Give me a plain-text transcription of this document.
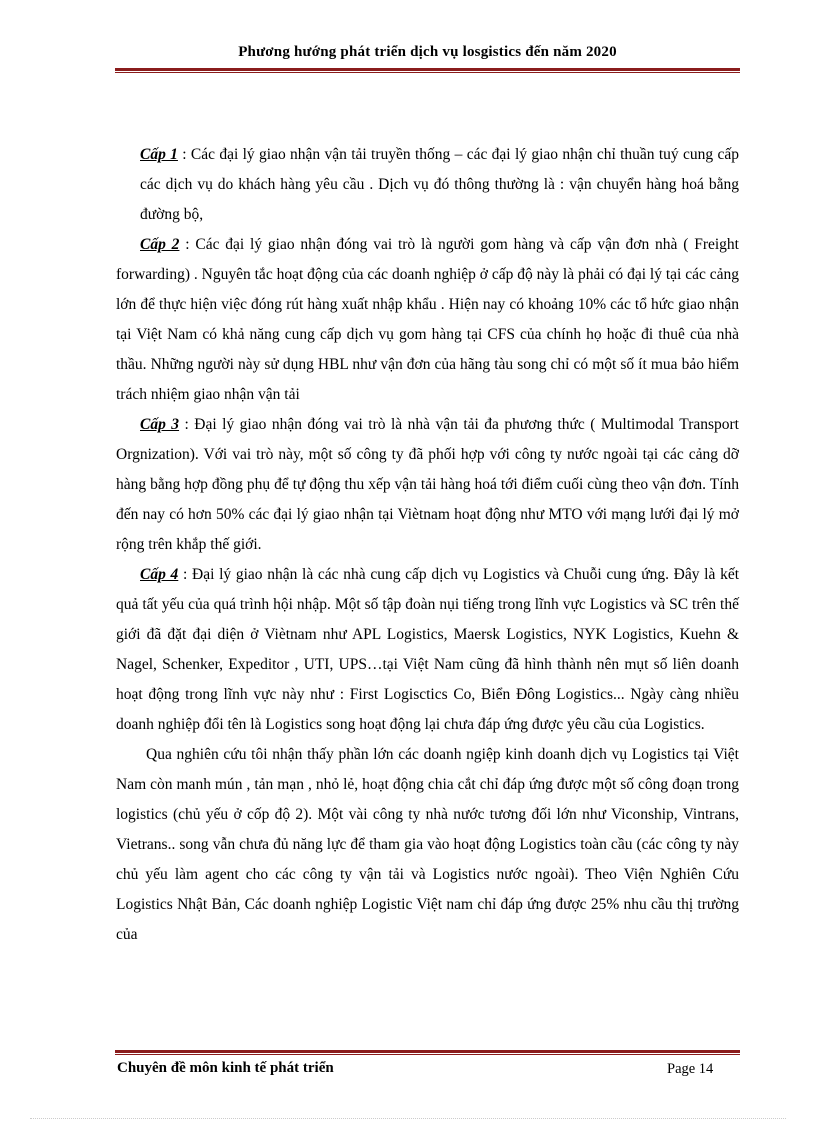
Phương hướng phát triển dịch vụ losgistics đến năm 2020

Cấp 1 : Các đại lý giao nhận vận tải truyền thống – các đại lý giao nhận chỉ thuần tuý cung cấp các dịch vụ do khách hàng yêu cầu . Dịch vụ đó thông thường là : vận chuyển hàng hoá bằng đường bộ,

Cấp 2 : Các đại lý giao nhận đóng vai trò là người gom hàng và cấp vận đơn nhà ( Freight forwarding) . Nguyên tắc hoạt động của các doanh nghiệp ở cấp độ này là phải có đại lý tại các cảng lớn để thực hiện việc đóng rút hàng xuất nhập khẩu . Hiện nay có khoảng 10% các tổ hức giao nhận tại Việt Nam có khả năng cung cấp dịch vụ gom hàng tại CFS của chính họ hoặc đi thuê của nhà thầu. Những người này sử dụng HBL như vận đơn của hãng tàu song chỉ có một số ít mua bảo hiểm trách nhiệm giao nhận vận tải

Cấp 3 : Đại lý giao nhận đóng vai trò là nhà vận tải đa phương thức ( Multimodal Transport Orgnization). Với vai trò này, một số công ty đã phối hợp với công ty nước ngoài tại các cảng dỡ hàng bằng hợp đồng phụ để tự động thu xếp vận tải hàng hoá tới điểm cuối cùng theo vận đơn. Tính đến nay có hơn 50% các đại lý giao nhận tại Viètnam hoạt động như MTO với mạng lưới đại lý mở rộng trên khắp thế giới.

Cấp 4 : Đại lý giao nhận là các nhà cung cấp dịch vụ Logistics và Chuỗi cung ứng. Đây là kết quả tất yếu của quá trình hội nhập. Một số tập đoàn nụi tiếng trong lĩnh vực Logistics và SC trên thế giới đã đặt đại diện ở Viètnam như APL Logistics, Maersk Logistics, NYK Logistics, Kuehn & Nagel, Schenker, Expeditor , UTI, UPS…tại Việt Nam cũng đã hình thành nên mụt số liên doanh hoạt động trong lĩnh vực này như : First Logisctics Co, Biển Đông Logistics... Ngày càng nhiều doanh nghiệp đổi tên là Logistics song hoạt động lại chưa đáp ứng được yêu cầu của Logistics.

Qua nghiên cứu tôi nhận thấy phần lớn các doanh ngiệp kinh doanh dịch vụ Logistics tại Việt Nam còn manh mún , tản mạn , nhỏ lẻ, hoạt động chia cắt chỉ đáp ứng được một số công đoạn trong logistics (chủ yếu ở cốp độ 2). Một vài công ty nhà nước tương đối lớn như Viconship, Vintrans, Vietrans.. song vẫn chưa đủ năng lực để tham gia vào hoạt động Logistics toàn cầu (các công ty này chủ yếu làm agent cho các công ty vận tải và Logistics nước ngoài). Theo Viện Nghiên Cứu Logistics Nhật Bản, Các doanh nghiệp Logistic Việt nam chỉ đáp ứng được 25% nhu cầu thị trường của

Chuyên đề môn kinh tế phát triển	Page 14
